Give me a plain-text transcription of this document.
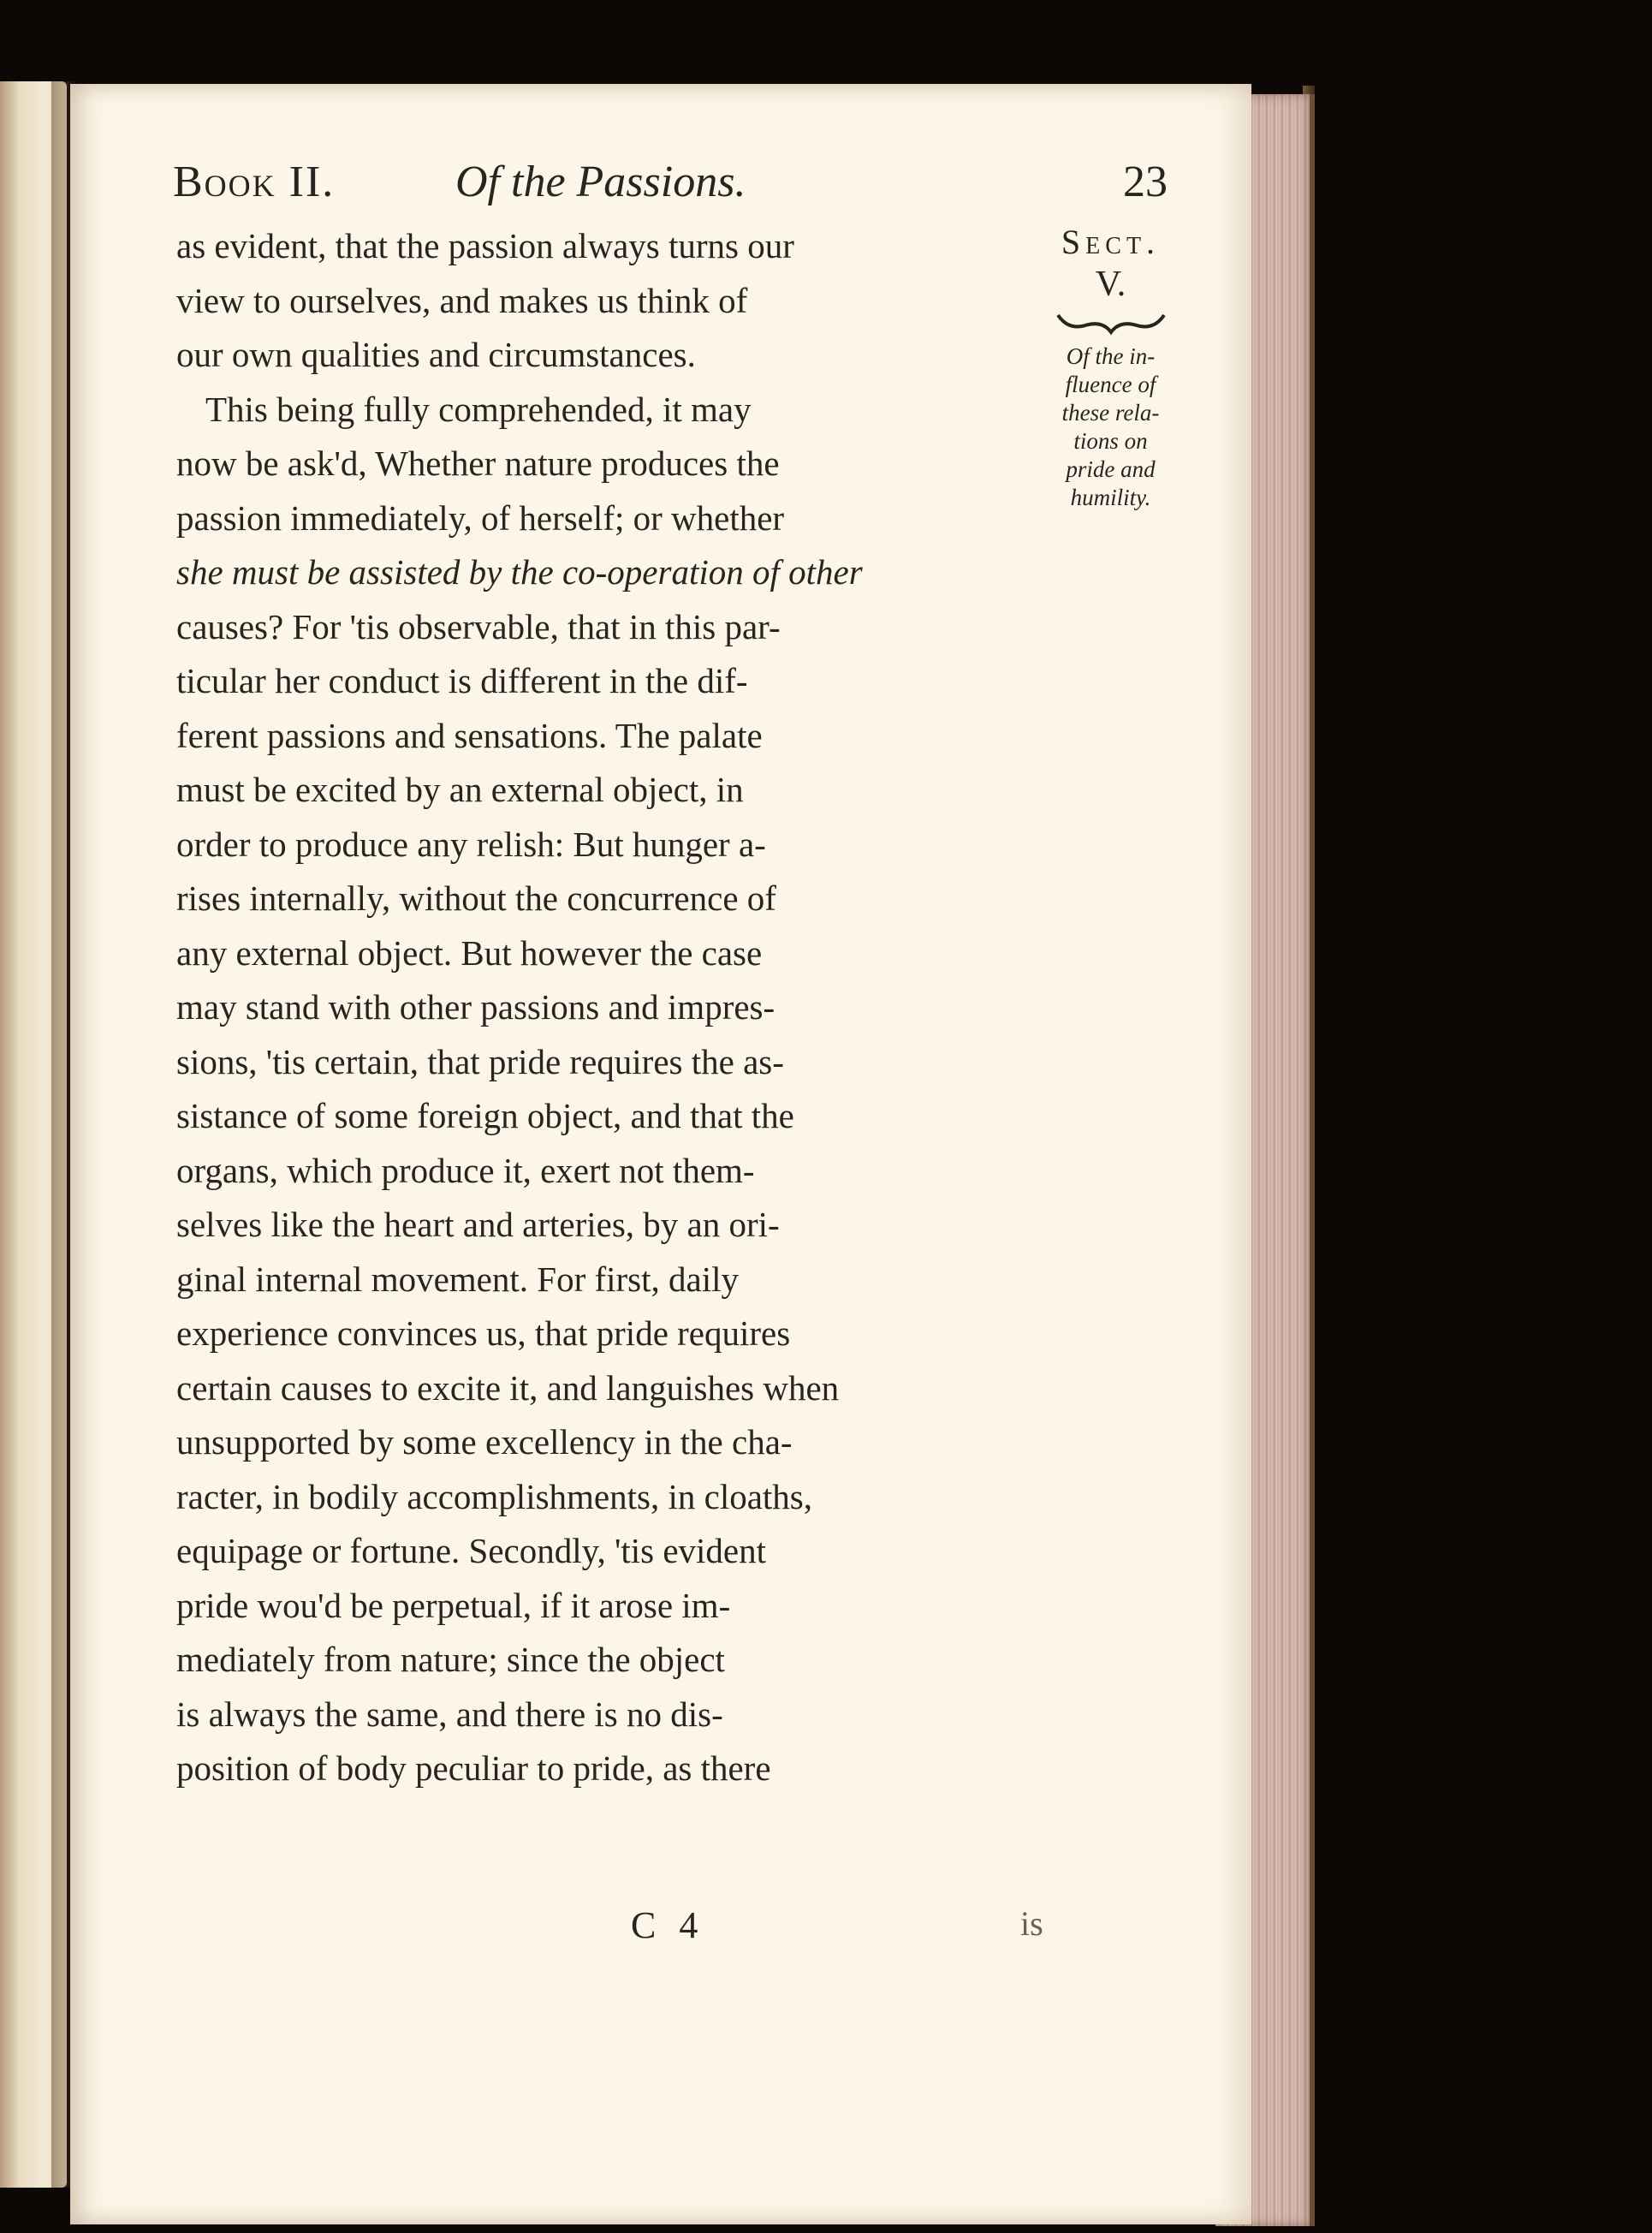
Book II.	Of the Passions.	23
as evident, that the passion always turns our
view to ourselves, and makes us think of
our own qualities and circumstances.
This being fully comprehended, it may
now be ask'd, Whether nature produces the
passion immediately, of herself; or whether
she must be assisted by the co-operation of other
causes? For 'tis observable, that in this par-
ticular her conduct is different in the dif-
ferent passions and sensations. The palate
must be excited by an external object, in
order to produce any relish: But hunger a-
rises internally, without the concurrence of
any external object. But however the case
may stand with other passions and impres-
sions, 'tis certain, that pride requires the as-
sistance of some foreign object, and that the
organs, which produce it, exert not them-
selves like the heart and arteries, by an ori-
ginal internal movement. For first, daily
experience convinces us, that pride requires
certain causes to excite it, and languishes when
unsupported by some excellency in the cha-
racter, in bodily accomplishments, in cloaths,
equipage or fortune. Secondly, 'tis evident
pride wou'd be perpetual, if it arose im-
mediately from nature; since the object
is always the same, and there is no dis-
position of body peculiar to pride, as there
Sect.
V.
Of the in-
fluence of
these rela-
tions on
pride and
humility.
C 4	is
